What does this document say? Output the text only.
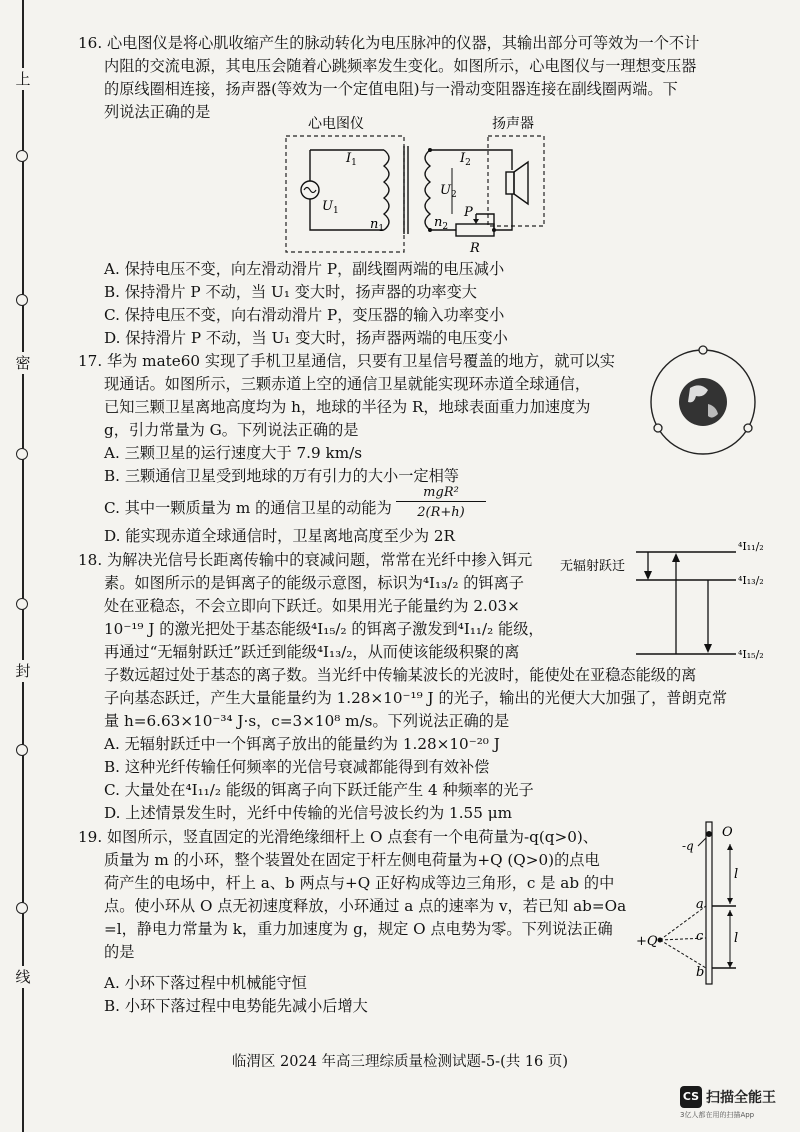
上
密
封
线
16. 心电图仪是将心肌收缩产生的脉动转化为电压脉冲的仪器，其输出部分可等效为一个不计
内阻的交流电源，其电压会随着心跳频率发生变化。如图所示，心电图仪与一理想变压器
的原线圈相连接，扬声器(等效为一个定值电阻)与一滑动变阻器连接在副线圈两端。下
列说法正确的是
心电图仪	扬声器
$U_1$
$I_1$
$n_1$
$I_2$
$U_2$
$n_2$
P
R
A. 保持电压不变，向左滑动滑片 P，副线圈两端的电压减小
B. 保持滑片 P 不动，当 U₁ 变大时，扬声器的功率变大
C. 保持电压不变，向右滑动滑片 P，变压器的输入功率变小
D. 保持滑片 P 不动，当 U₁ 变大时，扬声器两端的电压变小
17. 华为 mate60 实现了手机卫星通信，只要有卫星信号覆盖的地方，就可以实
现通话。如图所示，三颗赤道上空的通信卫星就能实现环赤道全球通信，
已知三颗卫星离地高度均为 h，地球的半径为 R，地球表面重力加速度为
g，引力常量为 G。下列说法正确的是
A. 三颗卫星的运行速度大于 7.9 km/s
B. 三颗通信卫星受到地球的万有引力的大小一定相等
C. 其中一颗质量为 m 的通信卫星的动能为
mgR²
2(R+h)
D. 能实现赤道全球通信时，卫星离地高度至少为 2R
18. 为解决光信号长距离传输中的衰减问题，常常在光纤中掺入铒元
素。如图所示的是铒离子的能级示意图，标识为⁴I₁₃/₂ 的铒离子
处在亚稳态，不会立即向下跃迁。如果用光子能量约为 2.03×
10⁻¹⁹ J 的激光把处于基态能级⁴I₁₅/₂ 的铒离子激发到⁴I₁₁/₂ 能级，
再通过“无辐射跃迁”跃迁到能级⁴I₁₃/₂，从而使该能级积聚的离
子数远超过处于基态的离子数。当光纤中传输某波长的光波时，能使处在亚稳态能级的离
子向基态跃迁，产生大量能量约为 1.28×10⁻¹⁹ J 的光子，输出的光便大大加强了，普朗克常
量 h=6.63×10⁻³⁴ J·s，c=3×10⁸ m/s。下列说法正确的是
无辐射跃迁
⁴I₁₁/₂
⁴I₁₃/₂
⁴I₁₅/₂
A. 无辐射跃迁中一个铒离子放出的能量约为 1.28×10⁻²⁰ J
B. 这种光纤传输任何频率的光信号衰减都能得到有效补偿
C. 大量处在⁴I₁₁/₂ 能级的铒离子向下跃迁能产生 4 种频率的光子
D. 上述情景发生时，光纤中传输的光信号波长约为 1.55 μm
19. 如图所示，竖直固定的光滑绝缘细杆上 O 点套有一个电荷量为-q(q>0)、
质量为 m 的小环，整个装置处在固定于杆左侧电荷量为+Q (Q>0)的点电
荷产生的电场中，杆上 a、b 两点与+Q 正好构成等边三角形，c 是 ab 的中
点。使小环从 O 点无初速度释放，小环通过 a 点的速率为 v，若已知 ab=Oa
=l，静电力常量为 k，重力加速度为 g，规定 O 点电势为零。下列说法正确
的是
A. 小环下落过程中机械能守恒
B. 小环下落过程中电势能先减小后增大
O
-q
l
l
+Q
a
c
b
临渭区 2024 年高三理综质量检测试题-5-(共 16 页)
CS 扫描全能王
3亿人都在用的扫描App
